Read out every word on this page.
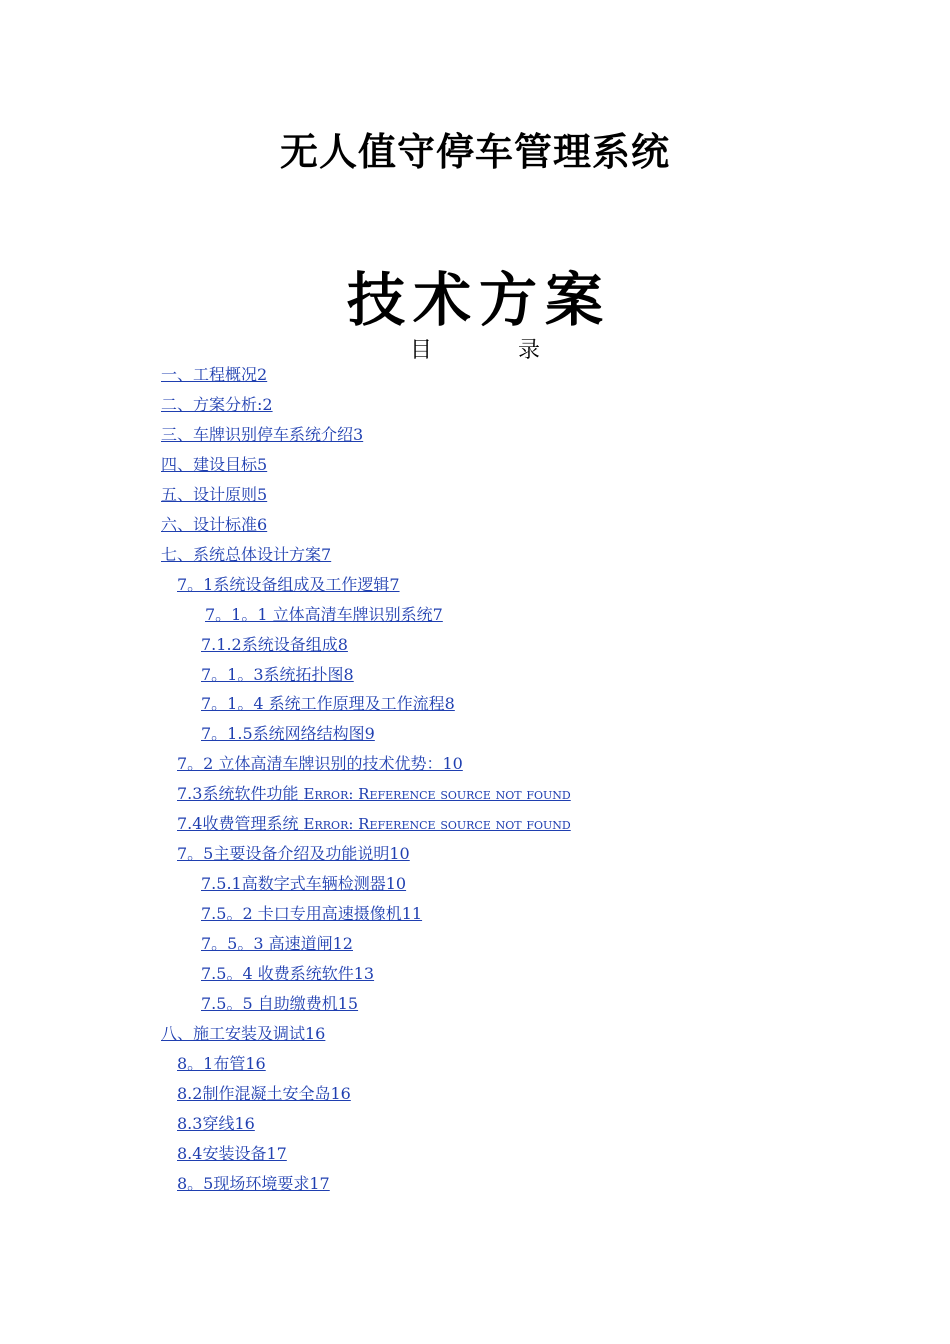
无人值守停车管理系统
技术方案
目	录
一、工程概况2
二、方案分析:2
三、车牌识别停车系统介绍3
四、建设目标5
五、设计原则5
六、设计标准6
七、系统总体设计方案7
7。1系统设备组成及工作逻辑7
7。1。1 立体高清车牌识别系统7
7.1.2系统设备组成8
7。1。3系统拓扑图8
7。1。4 系统工作原理及工作流程8
7。1.5系统网络结构图9
7。2 立体高清车牌识别的技术优势：10
7.3系统软件功能 Error: Reference source not found
7.4收费管理系统 Error: Reference source not found
7。5主要设备介绍及功能说明10
7.5.1高数字式车辆检测器10
7.5。2 卡口专用高速摄像机11
7。5。3 高速道闸12
7.5。4 收费系统软件13
7.5。5 自助缴费机15
八、施工安装及调试16
8。1布管16
8.2制作混凝土安全岛16
8.3穿线16
8.4安装设备17
8。5现场环境要求17
